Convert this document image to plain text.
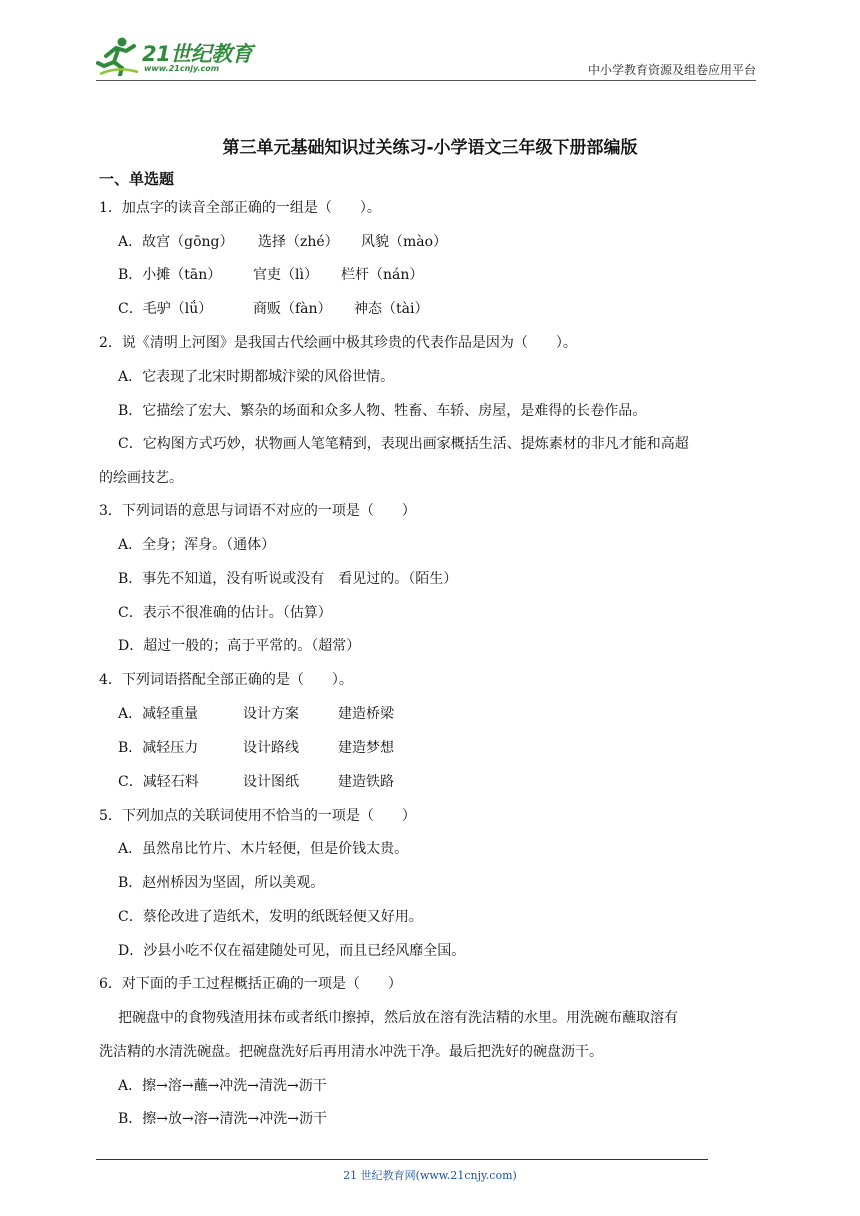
21世纪教育
www.21cnjy.com	中小学教育资源及组卷应用平台
第三单元基础知识过关练习-小学语文三年级下册部编版
一、单选题
1．加点字的读音全部正确的一组是（　　）。
A．故宫（gōng） 选择（zhé） 风貌（mào）
B．小摊（tān） 官吏（lì） 栏杆（nán）
C．毛驴（lǘ）	商贩（fàn） 神态（tài）
2．说《清明上河图》是我国古代绘画中极其珍贵的代表作品是因为（　　）。
A．它表现了北宋时期都城汴梁的风俗世情。
B．它描绘了宏大、繁杂的场面和众多人物、牲畜、车轿、房屋，是难得的长卷作品。
C．它构图方式巧妙，状物画人笔笔精到，表现出画家概括生活、提炼素材的非凡才能和高超
的绘画技艺。
3．下列词语的意思与词语不对应的一项是（　　）
A．全身；浑身。（通体）
B．事先不知道，没有听说或没有　看见过的。（陌生）
C．表示不很准确的估计。（估算）
D．超过一般的；高于平常的。（超常）
4．下列词语搭配全部正确的是（　　）。
A．减轻重量	设计方案	建造桥梁
B．减轻压力	设计路线	建造梦想
C．减轻石料	设计图纸	建造铁路
5．下列加点的关联词使用不恰当的一项是（　　）
A．虽然帛比竹片、木片轻便，但是价钱太贵。
B．赵州桥因为坚固，所以美观。
C．蔡伦改进了造纸术，发明的纸既轻便又好用。
D．沙县小吃不仅在福建随处可见，而且已经风靡全国。
6．对下面的手工过程概括正确的一项是（　　）
把碗盘中的食物残渣用抹布或者纸巾擦掉，然后放在溶有洗洁精的水里。用洗碗布蘸取溶有
洗洁精的水清洗碗盘。把碗盘洗好后再用清水冲洗干净。最后把洗好的碗盘沥干。
A．擦→溶→蘸→冲洗→清洗→沥干
B．擦→放→溶→清洗→冲洗→沥干
21 世纪教育网(www.21cnjy.com)
